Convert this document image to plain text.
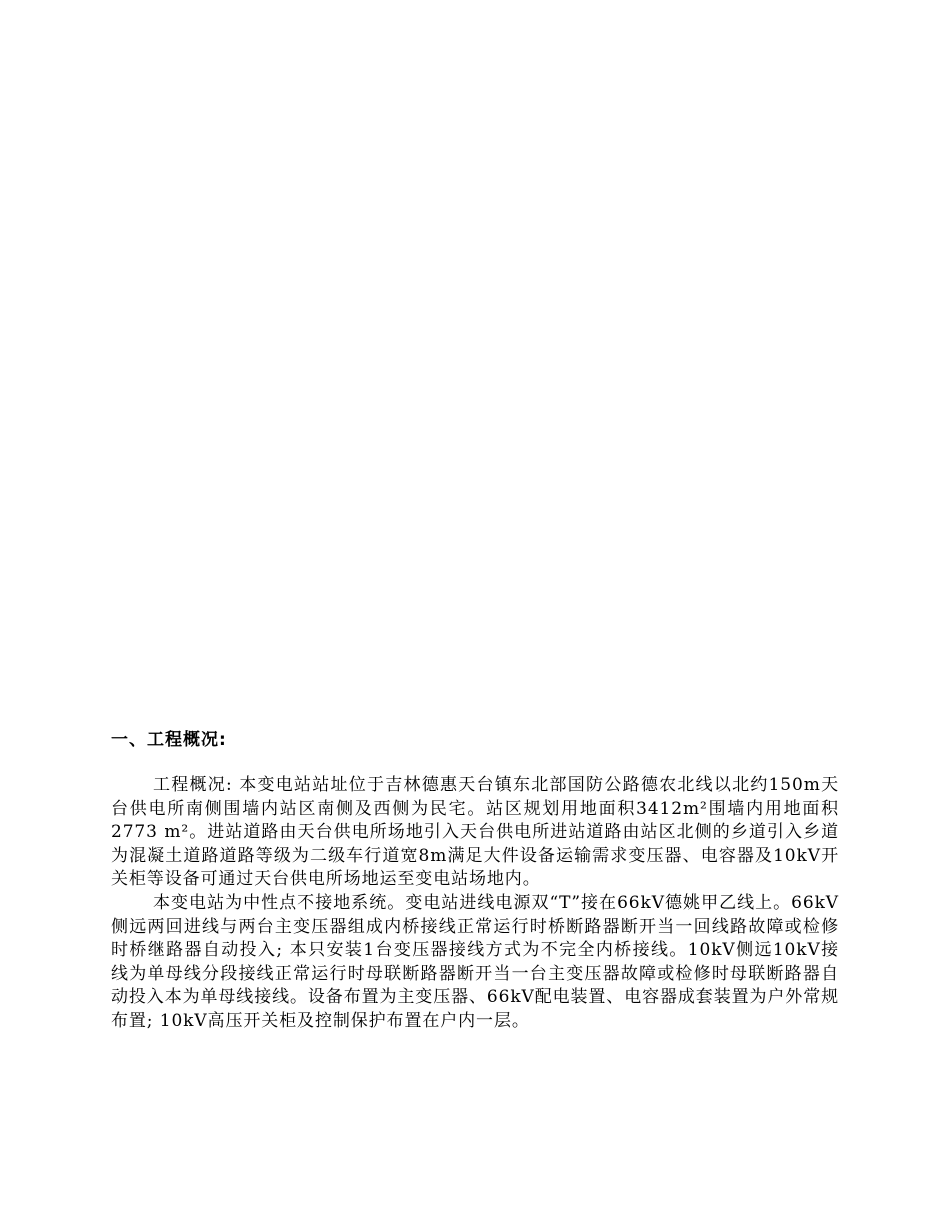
一、工程概况:

工程概况: 本变电站站址位于吉林德惠天台镇东北部国防公路德农北线以北约150m天台供电所南侧围墙内站区南侧及西侧为民宅。站区规划用地面积3412m²围墙内用地面积2773 m²。进站道路由天台供电所场地引入天台供电所进站道路由站区北侧的乡道引入乡道为混凝土道路道路等级为二级车行道宽8m满足大件设备运输需求变压器、电容器及10kV开关柜等设备可通过天台供电所场地运至变电站场地内。

本变电站为中性点不接地系统。变电站进线电源双“T”接在66kV德姚甲乙线上。66kV侧远两回进线与两台主变压器组成内桥接线正常运行时桥断路器断开当一回线路故障或检修时桥继路器自动投入; 本只安装1台变压器接线方式为不完全内桥接线。10kV侧远10kV接线为单母线分段接线正常运行时母联断路器断开当一台主变压器故障或检修时母联断路器自动投入本为单母线接线。设备布置为主变压器、66kV配电装置、电容器成套装置为户外常规布置; 10kV高压开关柜及控制保护布置在户内一层。
